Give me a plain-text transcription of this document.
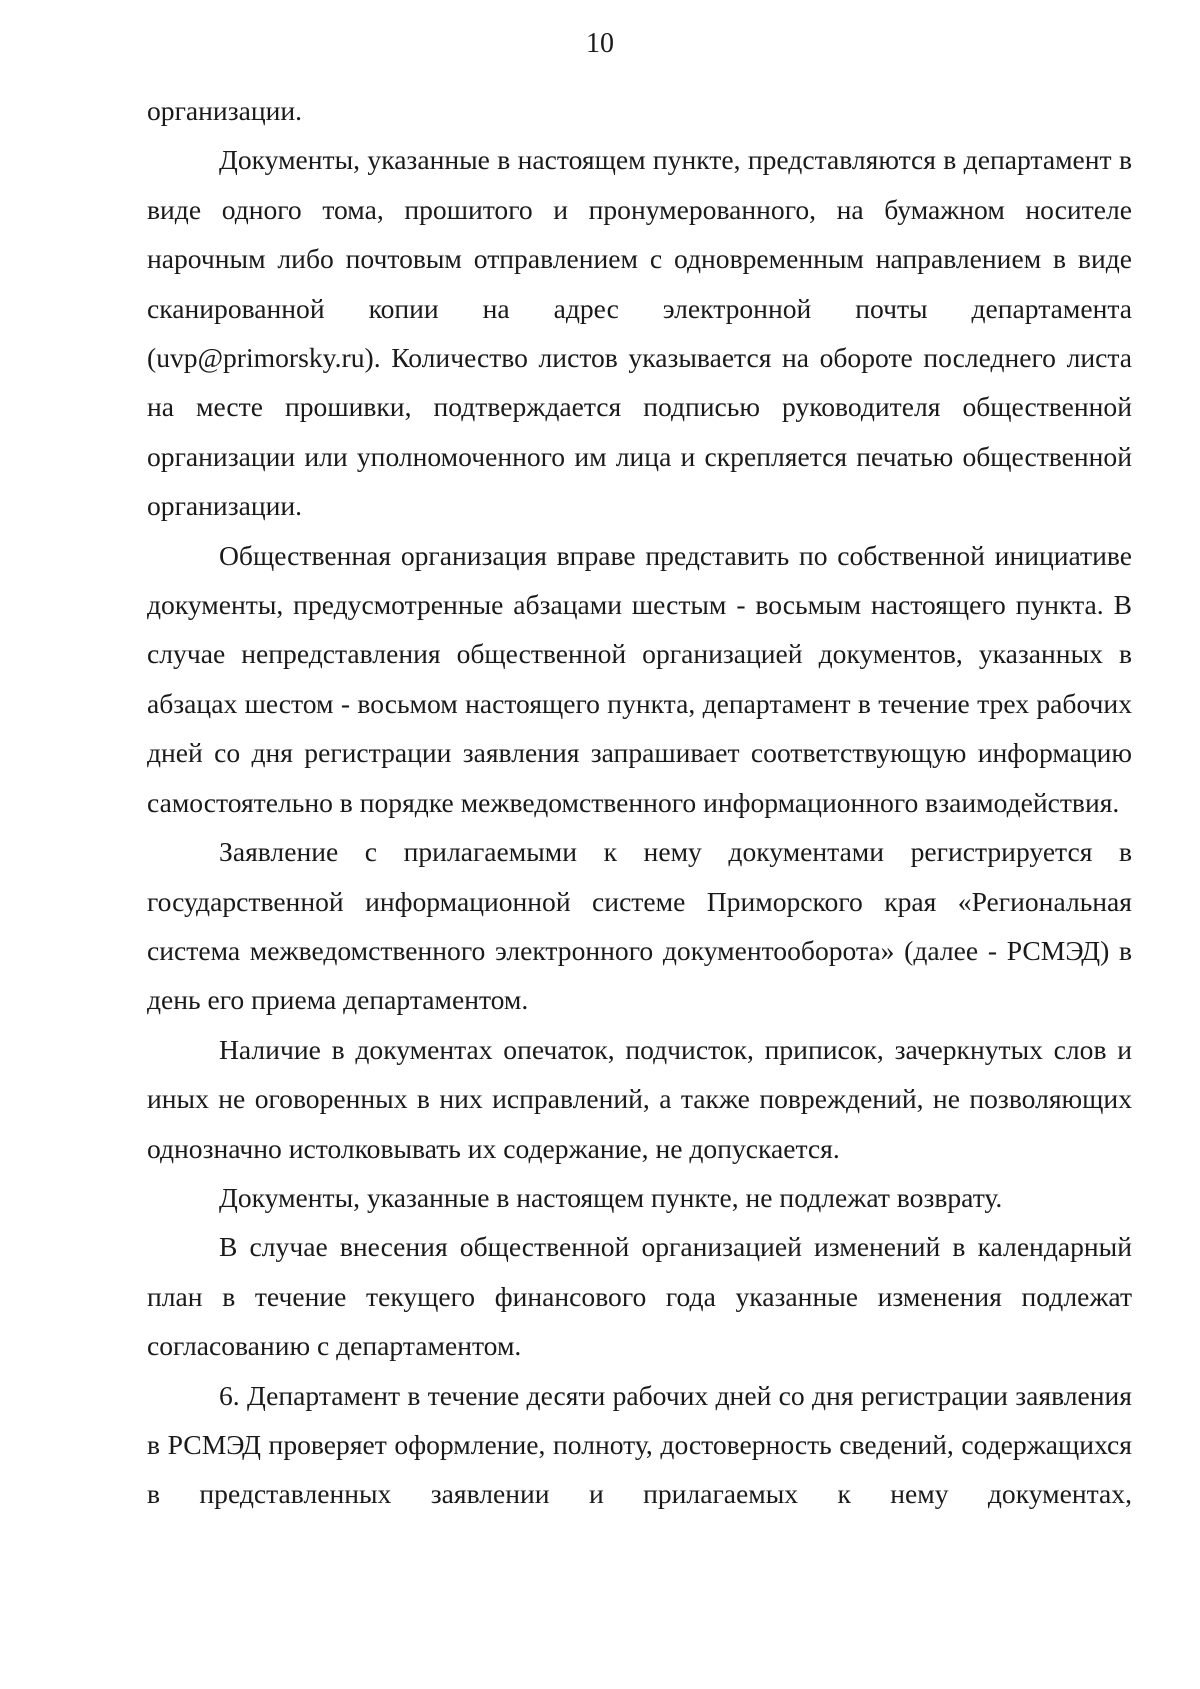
10

организации.

Документы, указанные в настоящем пункте, представляются в департамент в виде одного тома, прошитого и пронумерованного, на бумажном носителе нарочным либо почтовым отправлением с одновременным направлением в виде сканированной копии на адрес электронной почты департамента (uvp@primorsky.ru). Количество листов указывается на обороте последнего листа на месте прошивки, подтверждается подписью руководителя общественной организации или уполномоченного им лица и скрепляется печатью общественной организации.

Общественная организация вправе представить по собственной инициативе документы, предусмотренные абзацами шестым - восьмым настоящего пункта. В случае непредставления общественной организацией документов, указанных в абзацах шестом - восьмом настоящего пункта, департамент в течение трех рабочих дней со дня регистрации заявления запрашивает соответствующую информацию самостоятельно в порядке межведомственного информационного взаимодействия.

Заявление с прилагаемыми к нему документами регистрируется в государственной информационной системе Приморского края «Региональная система межведомственного электронного документооборота» (далее - РСМЭД) в день его приема департаментом.

Наличие в документах опечаток, подчисток, приписок, зачеркнутых слов и иных не оговоренных в них исправлений, а также повреждений, не позволяющих однозначно истолковывать их содержание, не допускается.

Документы, указанные в настоящем пункте, не подлежат возврату.

В случае внесения общественной организацией изменений в календарный план в течение текущего финансового года указанные изменения подлежат согласованию с департаментом.

6. Департамент в течение десяти рабочих дней со дня регистрации заявления в РСМЭД проверяет оформление, полноту, достоверность сведений, содержащихся в представленных заявлении и прилагаемых к нему документах,
